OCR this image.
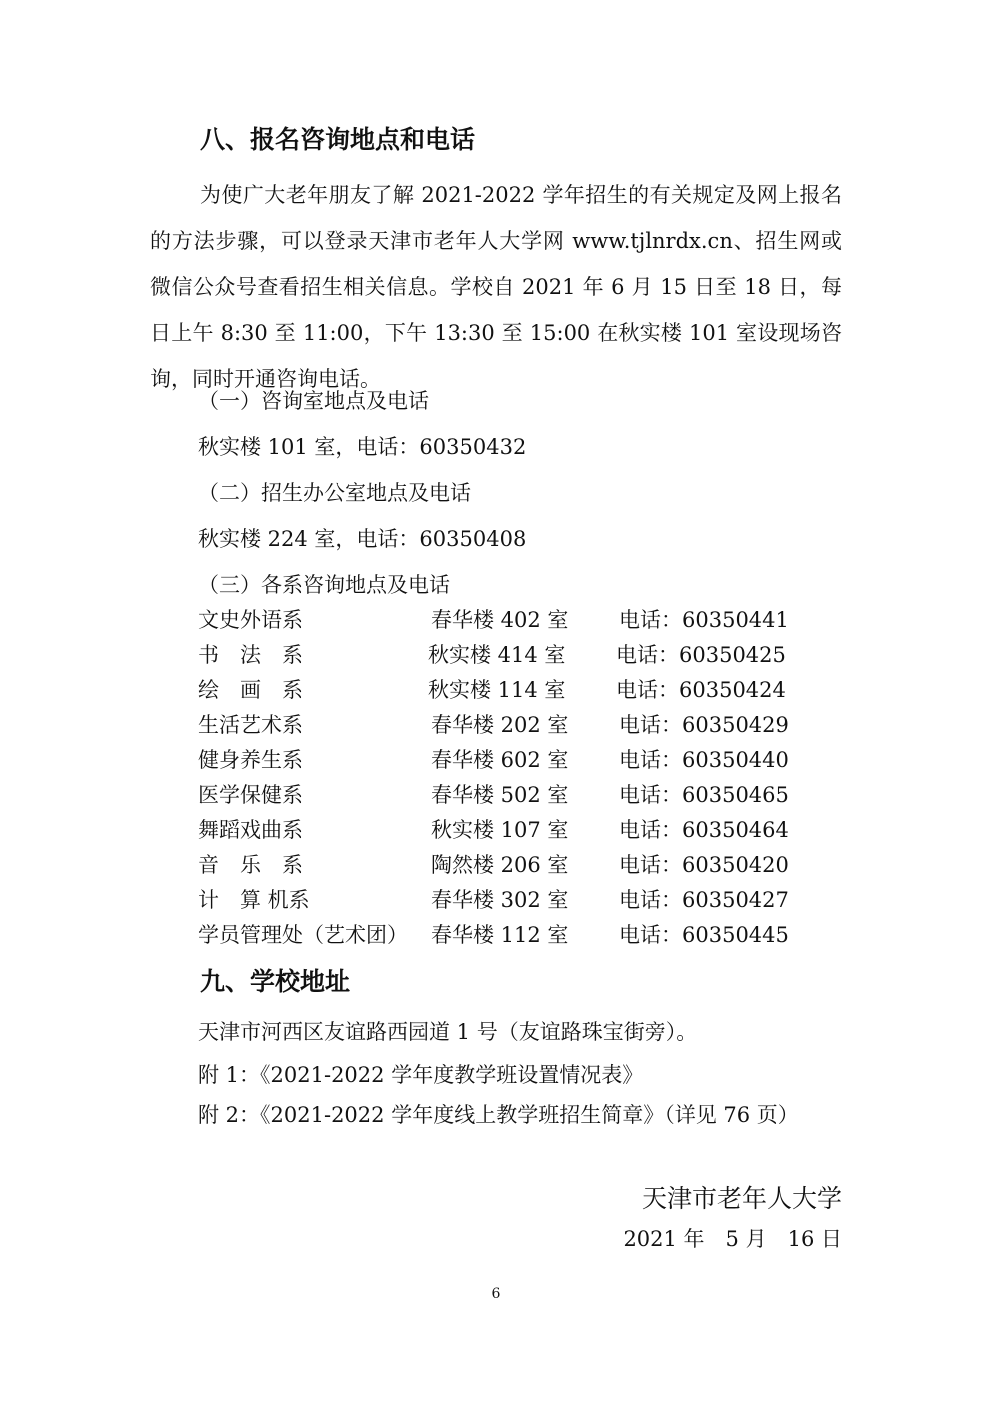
八、报名咨询地点和电话

为使广大老年朋友了解 2021-2022 学年招生的有关规定及网上报名的方法步骤，可以登录天津市老年人大学网 www.tjlnrdx.cn、招生网或微信公众号查看招生相关信息。学校自 2021 年 6 月 15 日至 18 日，每日上午 8:30 至 11:00，下午 13:30 至 15:00 在秋实楼 101 室设现场咨询，同时开通咨询电话。

（一）咨询室地点及电话
秋实楼 101 室，电话：60350432
（二）招生办公室地点及电话
秋实楼 224 室，电话：60350408
（三）各系咨询地点及电话
文史外语系	春华楼 402 室 电话：60350441
书　法　系	秋实楼 414 室 电话：60350425
绘　画　系	秋实楼 114 室 电话：60350424
生活艺术系	春华楼 202 室 电话：60350429
健身养生系	春华楼 602 室 电话：60350440
医学保健系	春华楼 502 室 电话：60350465
舞蹈戏曲系	秋实楼 107 室 电话：60350464
音　乐　系	陶然楼 206 室 电话：60350420
计　算 机系	春华楼 302 室 电话：60350427
学员管理处（艺术团） 春华楼 112 室 电话：60350445
九、学校地址
天津市河西区友谊路西园道 1 号（友谊路珠宝街旁）。
附 1：《2021-2022 学年度教学班设置情况表》
附 2：《2021-2022 学年度线上教学班招生简章》（详见 76 页）
天津市老年人大学
2021 年　5 月　16 日
6
